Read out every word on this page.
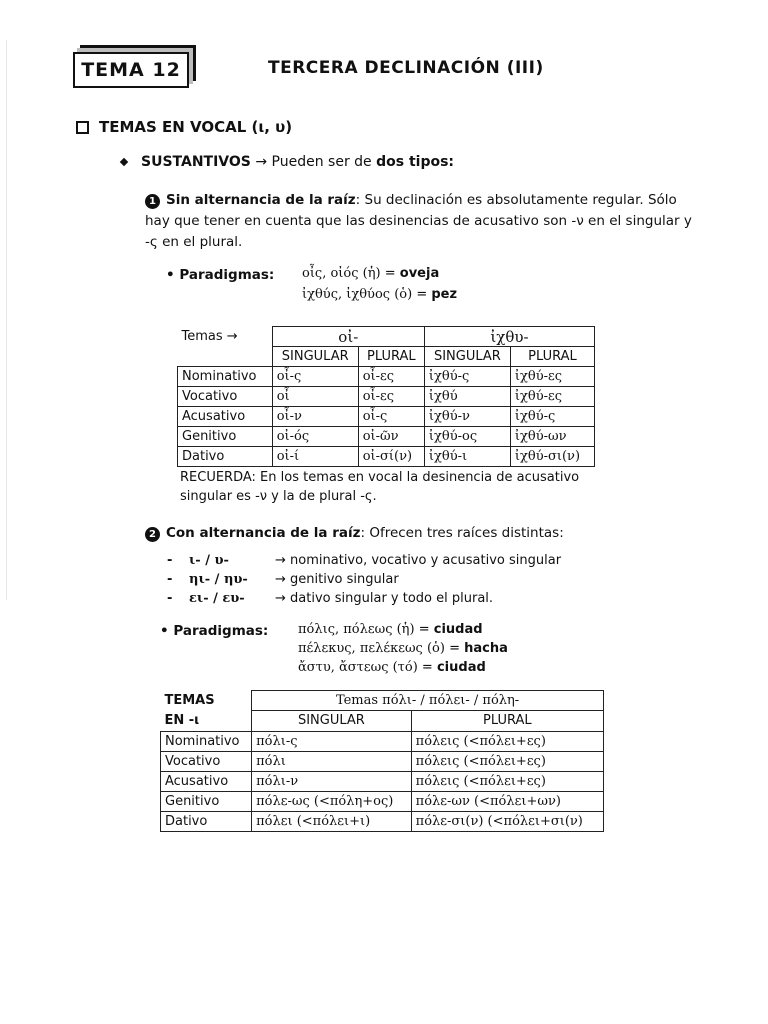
TEMA 12	TERCERA DECLINACIÓN (III)
TEMAS EN VOCAL (ι, υ)
SUSTANTIVOS
→
Pueden ser de
dos tipos:
1 Sin alternancia de la raíz: Su declinación es absolutamente regular. Sólo hay que tener en cuenta que las desinencias de acusativo son -ν en el singular y -ς en el plural.
• Paradigmas: οἶς, οἰός (ἡ) = oveja
ἰχθύς, ἰχθύος (ὁ) = pez
Temas →	οἰ-		ἰχθυ-	
	SINGULAR	PLURAL	SINGULAR	PLURAL
Nominativo	οἶ-ς	οἶ-ες	ἰχθύ-ς	ἰχθύ-ες
Vocativo	οἶ	οἶ-ες	ἰχθύ	ἰχθύ-ες
Acusativo	οἶ-ν	οἶ-ς	ἰχθύ-ν	ἰχθύ-ς
Genitivo	οἰ-ός	οἰ-ῶν	ἰχθύ-ος	ἰχθύ-ων
Dativo	οἰ-ί	οἰ-σί(ν)	ἰχθύ-ι	ἰχθύ-σι(ν)
RECUERDA: En los temas en vocal la desinencia de acusativo singular es -ν y la de plural -ς.
2 Con alternancia de la raíz: Ofrecen tres raíces distintas:
-	ι- / υ-	→
nominativo, vocativo y acusativo singular
-	ηι- / ηυ-	→
genitivo singular
-	ει- / ευ-	→
dativo singular y todo el plural.
• Paradigmas: πόλις, πόλεως (ἡ) = ciudad
πέλεκυς, πελέκεως (ὁ) = hacha
ἄστυ, ἄστεως (τό) = ciudad
TEMAS
EN -ι	Temas πόλι- / πόλει- / πόλη-	
	SINGULAR	PLURAL
Nominativo	πόλι-ς	πόλεις (<πόλει+ες)
Vocativo	πόλι	πόλεις (<πόλει+ες)
Acusativo	πόλι-ν	πόλεις (<πόλει+ες)
Genitivo	πόλε-ως (<πόλη+ος)	πόλε-ων (<πόλει+ων)
Dativo	πόλει (<πόλει+ι)	πόλε-σι(ν) (<πόλει+σι(ν)
